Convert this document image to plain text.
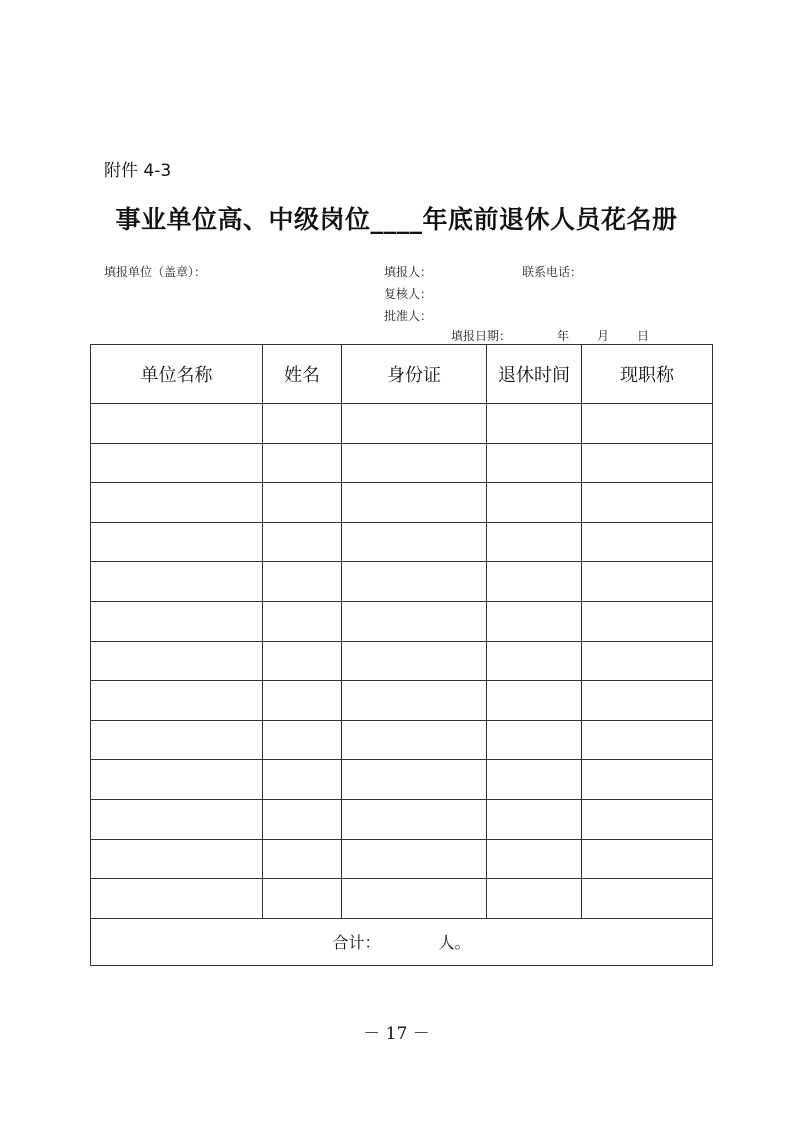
附件 4-3
事业单位高、中级岗位____年底前退休人员花名册
填报单位（盖章）：	填报人：	联系电话：
复核人：
批准人：
填报日期：	年 月 日
单位名称	姓名	身份证	退休时间	现职称

合计： 人。				
－ 17 －
